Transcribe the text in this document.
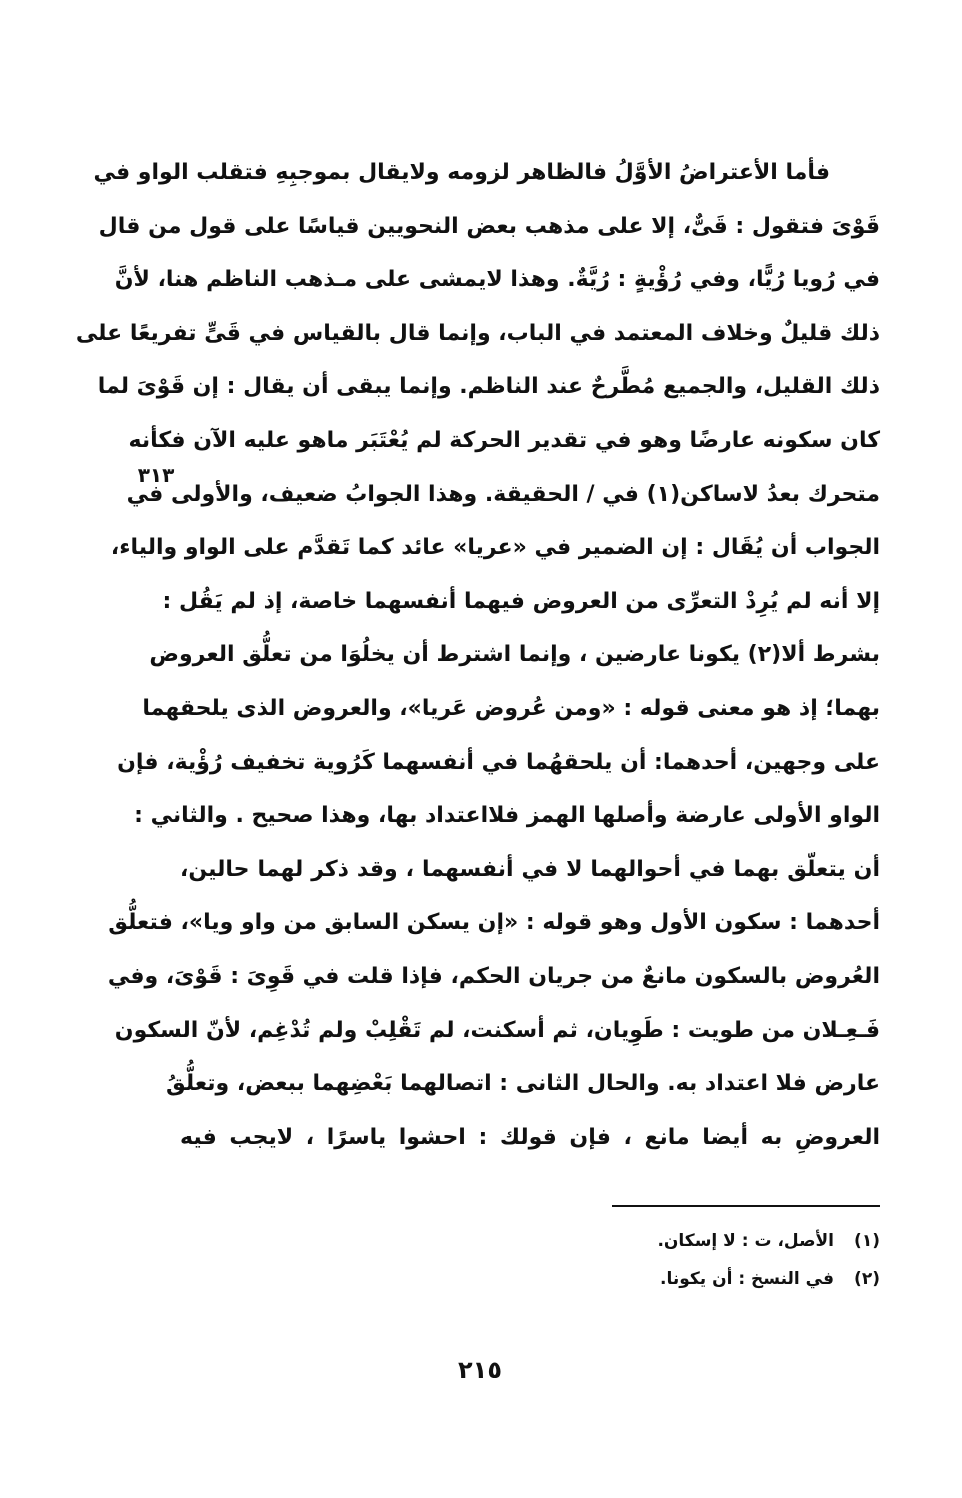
فأما الأعتراضُ الأوَّلُ فالظاهر لزومه ولايقال بموجبِهِ فتقلب الواو في
قَوْىَ فتقول : قَىٌّ، إلا على مذهب بعض النحويين قياسًا على قول من قال
في رُويا رُيًّا، وفي رُؤْيةٍ : رُيَّةٌ. وهذا لايمشى على مـذهب الناظم هنا، لأنَّ
ذلك قليلٌ وخلاف المعتمد في الباب، وإنما قال بالقياس في قَىٍّ تفريعًا على
ذلك القليل، والجميع مُطَّرحٌ عند الناظم. وإنما يبقى أن يقال : إن قَوْىَ لما
كان سكونه عارضًا وهو في تقدير الحركة لم يُعْتَبَر ماهو عليه الآن فكأنه
متحرك بعدُ لاساكن(١) في / الحقيقة. وهذا الجوابُ ضعيف، والأولى في
الجواب أن يُقَال : إن الضمير في «عريا» عائد كما تَقدَّم على الواو والياء،
إلا أنه لم يُرِدْ التعرِّى من العروض فيهما أنفسهما خاصة، إذ لم يَقُل :
بشرط ألا(٢) يكونا عارضين ، وإنما اشترط أن يخلُوَا من تعلُّق العروض
بهما؛ إذ هو معنى قوله : «ومن عُروض عَريا»، والعروض الذى يلحقهما
على وجهين، أحدهما: أن يلحقهُما في أنفسهما كَرُوية تخفيف رُؤْية، فإن
الواو الأولى عارضة وأصلها الهمز فلااعتداد بها، وهذا صحيح . والثاني :
أن يتعلّق بهما في أحوالهما لا في أنفسهما ، وقد ذكر لهما حالين،
أحدهما : سكون الأول وهو قوله : «إن يسكن السابق من واو ويا»، فتعلُّق
العُروض بالسكون مانعٌ من جريان الحكم، فإذا قلت في قَوِىَ : قَوْىَ، وفي
فَـعِـلان من طويت : طَوِيان، ثم أسكنت، لم تَقْلِبْ ولم تُدْغِم، لأنّ السكون
عارض فلا اعتداد به. والحال الثانى : اتصالهما بَعْضِهما ببعض، وتعلُّقُ
العروضِ به أيضا مانع ، فإن قولك : احشوا ياسرًا ، لايجب فيه
٣١٣
(١)
الأصل، ت : لا إسكان.
(٢)
في النسخ : أن يكونا.
٢١٥
